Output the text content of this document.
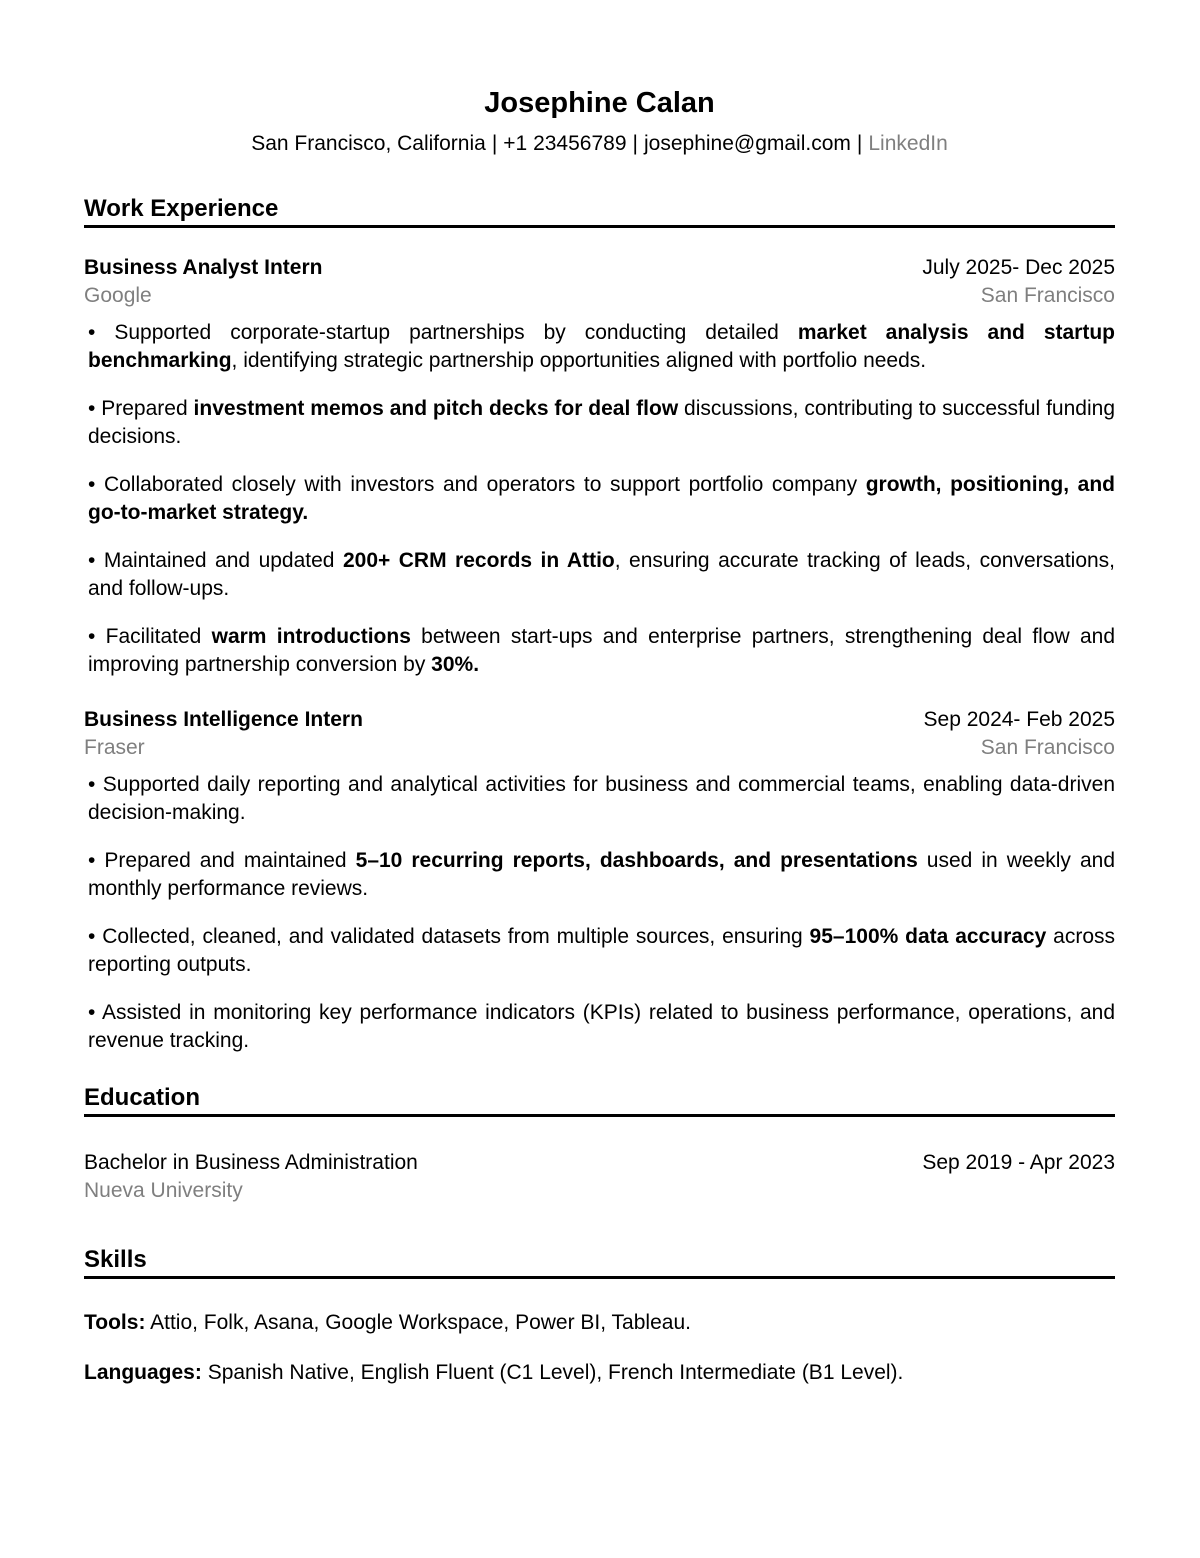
Josephine Calan

San Francisco, California | +1 23456789 | josephine@gmail.com | LinkedIn

Work Experience
Business Analyst Intern	July 2025- Dec 2025
Google	San Francisco

• Supported corporate-startup partnerships by conducting detailed market analysis and startup benchmarking, identifying strategic partnership opportunities aligned with portfolio needs.

• Prepared investment memos and pitch decks for deal flow discussions, contributing to successful funding decisions.

• Collaborated closely with investors and operators to support portfolio company growth, positioning, and go-to-market strategy.

• Maintained and updated 200+ CRM records in Attio, ensuring accurate tracking of leads, conversations, and follow-ups.

• Facilitated warm introductions between start-ups and enterprise partners, strengthening deal flow and improving partnership conversion by 30%.

Business Intelligence Intern	Sep 2024- Feb 2025
Fraser	San Francisco

• Supported daily reporting and analytical activities for business and commercial teams, enabling data-driven decision-making.

• Prepared and maintained 5–10 recurring reports, dashboards, and presentations used in weekly and monthly performance reviews.

• Collected, cleaned, and validated datasets from multiple sources, ensuring 95–100% data accuracy across reporting outputs.

• Assisted in monitoring key performance indicators (KPIs) related to business performance, operations, and revenue tracking.

Education
Bachelor in Business Administration	Sep 2019 - Apr 2023

Nueva University

Skills

Tools: Attio, Folk, Asana, Google Workspace, Power BI, Tableau.

Languages: Spanish Native, English Fluent (C1 Level), French Intermediate (B1 Level).
